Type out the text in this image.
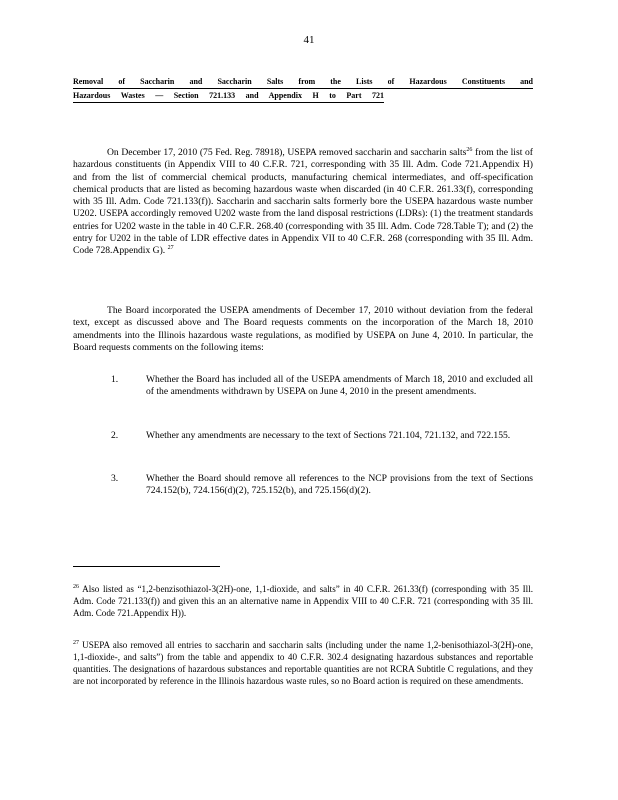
41
Removal of Saccharin and Saccharin Salts from the Lists of Hazardous Constituents and
Hazardous Wastes — Section 721.133 and Appendix H to Part 721

On December 17, 2010 (75 Fed. Reg. 78918), USEPA removed saccharin and saccharin salts$^{26}$ from the list of hazardous constituents (in Appendix VIII to 40 C.F.R. 721, corresponding with 35 Ill. Adm. Code 721.Appendix H) and from the list of commercial chemical products, manufacturing chemical intermediates, and off-specification chemical products that are listed as becoming hazardous waste when discarded (in 40 C.F.R. 261.33(f), corresponding with 35 Ill. Adm. Code 721.133(f)). Saccharin and saccharin salts formerly bore the USEPA hazardous waste number U202. USEPA accordingly removed U202 waste from the land disposal restrictions (LDRs): (1) the treatment standards entries for U202 waste in the table in 40 C.F.R. 268.40 (corresponding with 35 Ill. Adm. Code 728.Table T); and (2) the entry for U202 in the table of LDR effective dates in Appendix VII to 40 C.F.R. 268 (corresponding with 35 Ill. Adm. Code 728.Appendix G). $^{27}$

The Board incorporated the USEPA amendments of December 17, 2010 without deviation from the federal text, except as discussed above and The Board requests comments on the incorporation of the March 18, 2010 amendments into the Illinois hazardous waste regulations, as modified by USEPA on June 4, 2010. In particular, the Board requests comments on the following items:

1.	Whether the Board has included all of the USEPA amendments of March 18, 2010 and excluded all of the amendments withdrawn by USEPA on June 4, 2010 in the present amendments.
2.	Whether any amendments are necessary to the text of Sections 721.104, 721.132, and 722.155.
3.	Whether the Board should remove all references to the NCP provisions from the text of Sections 724.152(b), 724.156(d)(2), 725.152(b), and 725.156(d)(2).

$^{26}$ Also listed as “1,2-benzisothiazol-3(2H)-one, 1,1-dioxide, and salts” in 40 C.F.R. 261.33(f) (corresponding with 35 Ill. Adm. Code 721.133(f)) and given this an an alternative name in Appendix VIII to 40 C.F.R. 721 (corresponding with 35 Ill. Adm. Code 721.Appendix H)).

$^{27}$ USEPA also removed all entries to saccharin and saccharin salts (including under the name 1,2-benisothiazol-3(2H)-one, 1,1-dioxide-, and salts”) from the table and appendix to 40 C.F.R. 302.4 designating hazardous substances and reportable quantities. The designations of hazardous substances and reportable quantities are not RCRA Subtitle C regulations, and they are not incorporated by reference in the Illinois hazardous waste rules, so no Board action is required on these amendments.
